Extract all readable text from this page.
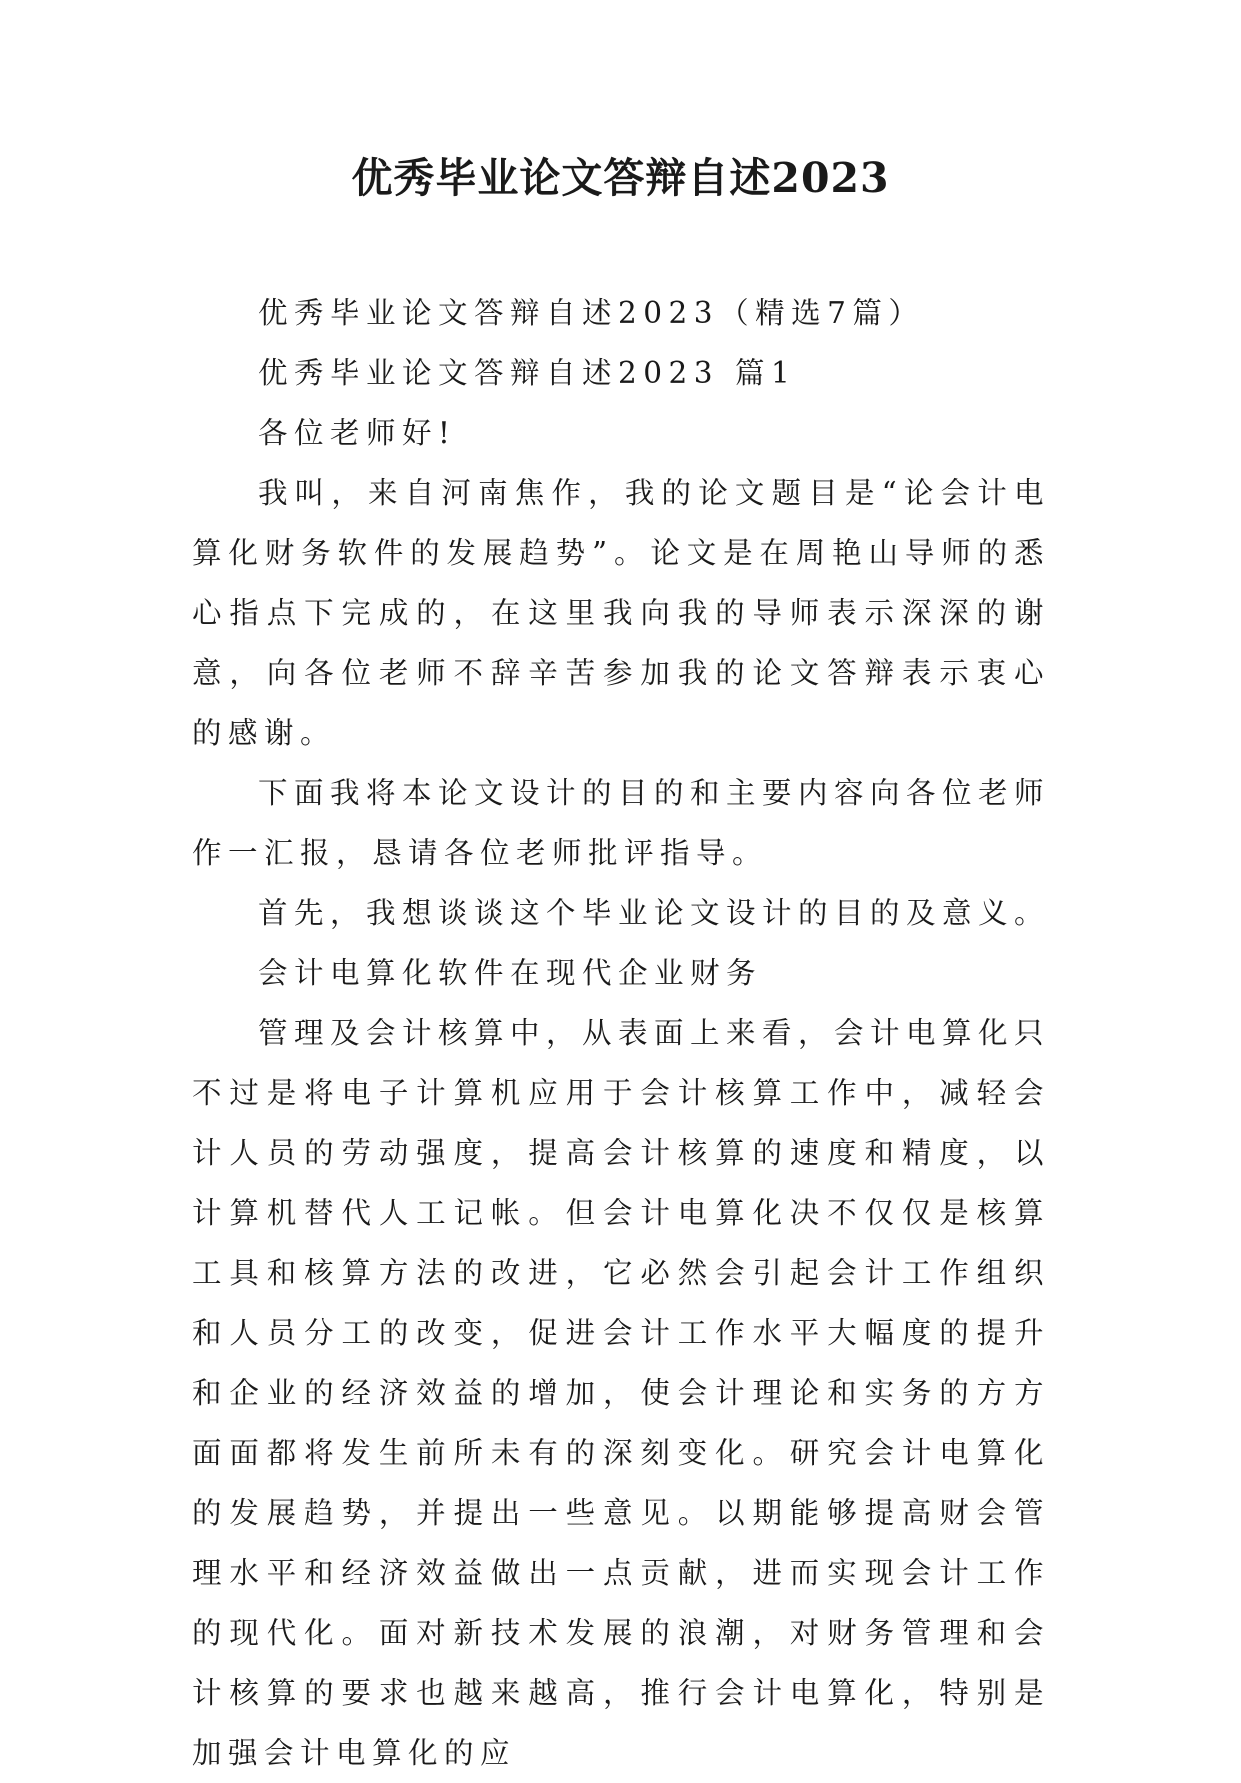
优秀毕业论文答辩自述2023

优秀毕业论文答辩自述2023（精选7篇）

优秀毕业论文答辩自述2023 篇1

各位老师好!

我叫，来自河南焦作，我的论文题目是“论会计电算化财务软件的发展趋势”。论文是在周艳山导师的悉心指点下完成的，在这里我向我的导师表示深深的谢意，向各位老师不辞辛苦参加我的论文答辩表示衷心的感谢。

下面我将本论文设计的目的和主要内容向各位老师作一汇报，恳请各位老师批评指导。

首先，我想谈谈这个毕业论文设计的目的及意义。

会计电算化软件在现代企业财务

管理及会计核算中，从表面上来看，会计电算化只不过是将电子计算机应用于会计核算工作中，减轻会计人员的劳动强度，提高会计核算的速度和精度，以计算机替代人工记帐。但会计电算化决不仅仅是核算工具和核算方法的改进，它必然会引起会计工作组织和人员分工的改变，促进会计工作水平大幅度的提升和企业的经济效益的增加，使会计理论和实务的方方面面都将发生前所未有的深刻变化。研究会计电算化的发展趋势，并提出一些意见。以期能够提高财会管理水平和经济效益做出一点贡献，进而实现会计工作的现代化。面对新技术发展的浪潮，对财务管理和会计核算的要求也越来越高，推行会计电算化，特别是加强会计电算化的应
